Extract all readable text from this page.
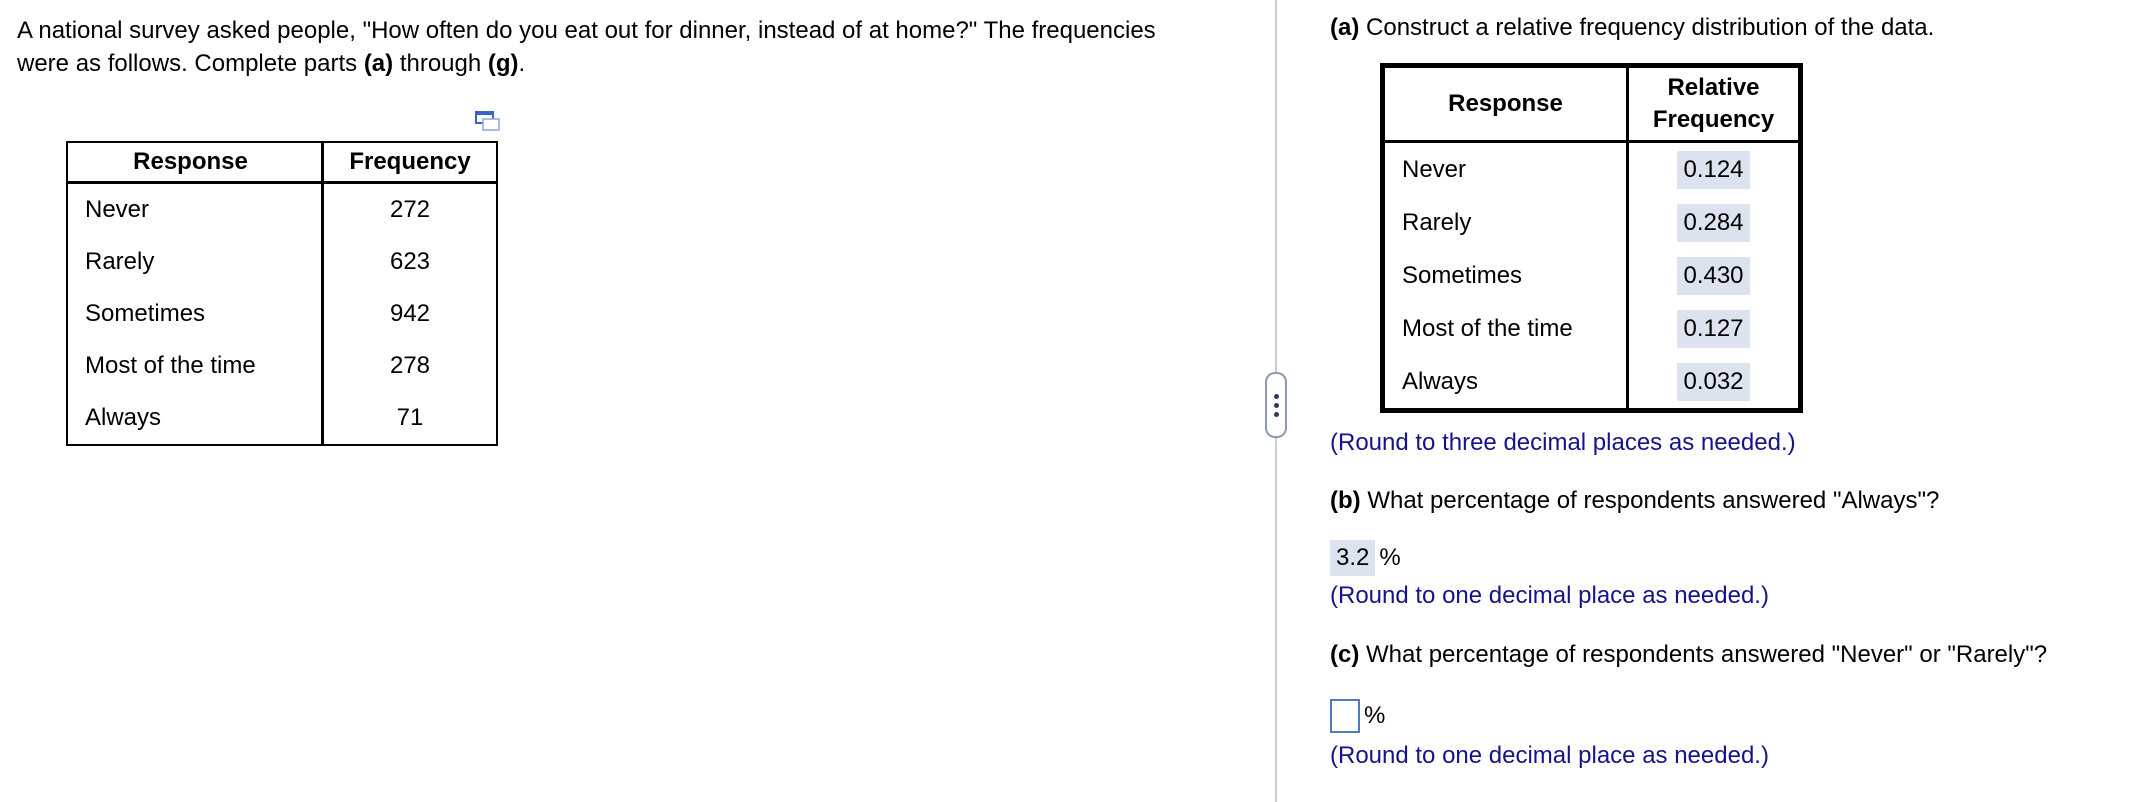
A national survey asked people, "How often do you eat out for dinner, instead of at home?" The frequencies were as follows. Complete parts (a) through (g).
Response	Frequency
Never	272
Rarely	623
Sometimes	942
Most of the time	278
Always	71
(a) Construct a relative frequency distribution of the data.
Response	Relative
Frequency
Never	0.124
Rarely	0.284
Sometimes	0.430
Most of the time	0.127
Always	0.032
(Round to three decimal places as needed.)
(b) What percentage of respondents answered "Always"?
3.2 %
(Round to one decimal place as needed.)
(c) What percentage of respondents answered "Never" or "Rarely"?
%
(Round to one decimal place as needed.)
